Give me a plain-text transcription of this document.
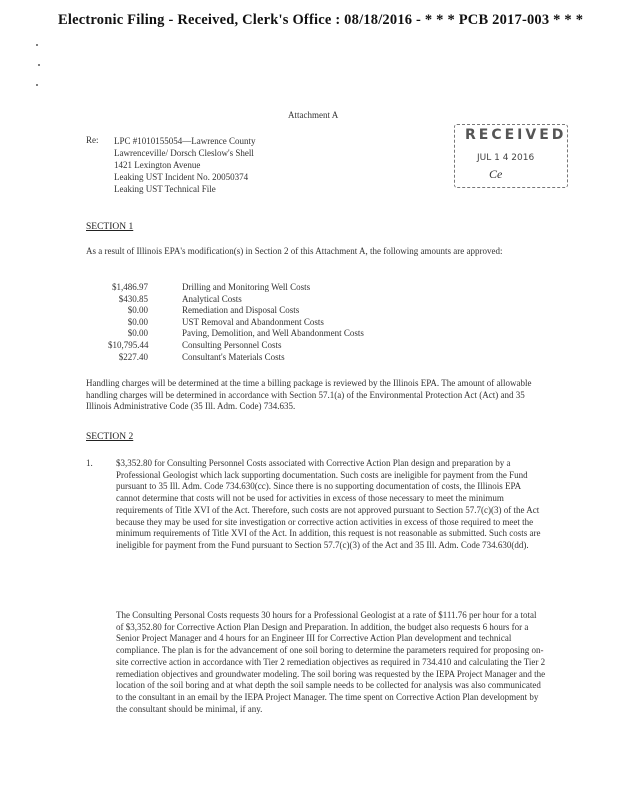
Electronic Filing - Received, Clerk's Office : 08/18/2016 - * * * PCB 2017-003 * * *
Attachment A
Re: LPC #1010155054—Lawrence County
Lawrenceville/ Dorsch Cleslow's Shell
1421 Lexington Avenue
Leaking UST Incident No. 20050374
Leaking UST Technical File
RECEIVED
JUL 1 4 2016
Ce
SECTION 1
As a result of Illinois EPA's modification(s) in Section 2 of this Attachment A, the following amounts are approved:
$1,486.97	Drilling and Monitoring Well Costs
$430.85	Analytical Costs
$0.00	Remediation and Disposal Costs
$0.00	UST Removal and Abandonment Costs
$0.00	Paving, Demolition, and Well Abandonment Costs
$10,795.44	Consulting Personnel Costs
$227.40	Consultant's Materials Costs
Handling charges will be determined at the time a billing package is reviewed by the Illinois EPA. The amount of allowable handling charges will be determined in accordance with Section 57.1(a) of the Environmental Protection Act (Act) and 35 Illinois Administrative Code (35 Ill. Adm. Code) 734.635.
SECTION 2
1.	$3,352.80 for Consulting Personnel Costs associated with Corrective Action Plan design and preparation by a Professional Geologist which lack supporting documentation. Such costs are ineligible for payment from the Fund pursuant to 35 Ill. Adm. Code 734.630(cc). Since there is no supporting documentation of costs, the Illinois EPA cannot determine that costs will not be used for activities in excess of those necessary to meet the minimum requirements of Title XVI of the Act. Therefore, such costs are not approved pursuant to Section 57.7(c)(3) of the Act because they may be used for site investigation or corrective action activities in excess of those required to meet the minimum requirements of Title XVI of the Act. In addition, this request is not reasonable as submitted. Such costs are ineligible for payment from the Fund pursuant to Section 57.7(c)(3) of the Act and 35 Ill. Adm. Code 734.630(dd).
The Consulting Personal Costs requests 30 hours for a Professional Geologist at a rate of $111.76 per hour for a total of $3,352.80 for Corrective Action Plan Design and Preparation. In addition, the budget also requests 6 hours for a Senior Project Manager and 4 hours for an Engineer III for Corrective Action Plan development and technical compliance. The plan is for the advancement of one soil boring to determine the parameters required for proposing on-site corrective action in accordance with Tier 2 remediation objectives as required in 734.410 and calculating the Tier 2 remediation objectives and groundwater modeling. The soil boring was requested by the IEPA Project Manager and the location of the soil boring and at what depth the soil sample needs to be collected for analysis was also communicated to the consultant in an email by the IEPA Project Manager. The time spent on Corrective Action Plan development by the consultant should be minimal, if any.
